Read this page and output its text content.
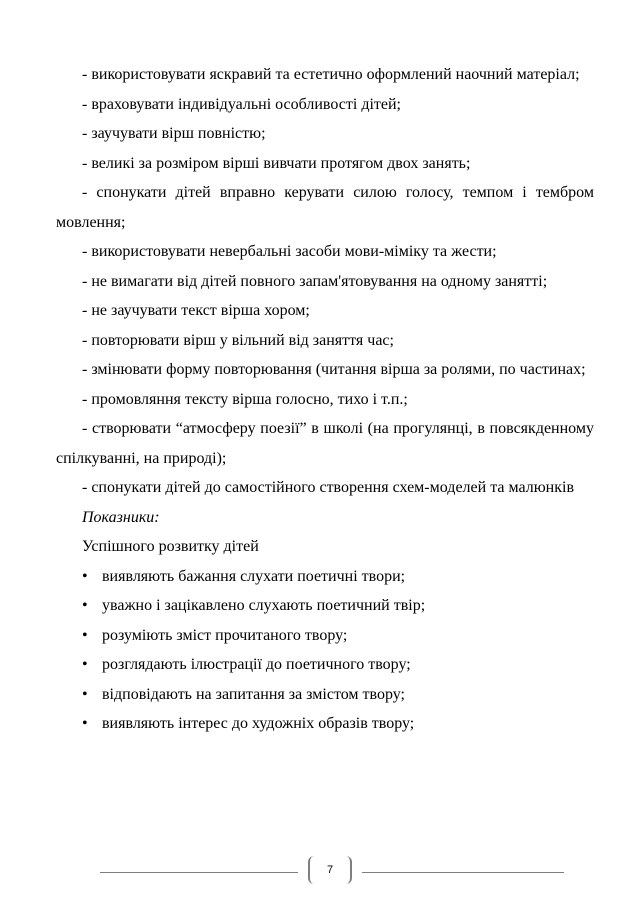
- використовувати яскравий та естетично оформлений наочний матеріал;

- враховувати індивідуальні особливості дітей;

- заучувати вірш повністю;

- великі за розміром вірші вивчати протягом двох занять;

- спонукати дітей вправно керувати силою голосу, темпом і тембром мовлення;

- використовувати невербальні засоби мови-міміку та жести;

- не вимагати від дітей повного запам'ятовування на одному занятті;

- не заучувати текст вірша хором;

- повторювати вірш у вільний від заняття час;

- змінювати форму повторювання (читання вірша за ролями, по частинах;

- промовляння тексту вірша голосно, тихо і т.п.;

- створювати “атмосферу поезії” в школі (на прогулянці, в повсякденному спілкуванні, на природі);

- спонукати дітей до самостійного створення схем-моделей та малюнків

Показники:

Успішного розвитку дітей

• виявляють бажання слухати поетичні твори;
• уважно і зацікавлено слухають поетичний твір;
• розуміють зміст прочитаного твору;
• розглядають ілюстрації до поетичного твору;
• відповідають на запитання за змістом твору;
• виявляють інтерес до художніх образів твору;
7
